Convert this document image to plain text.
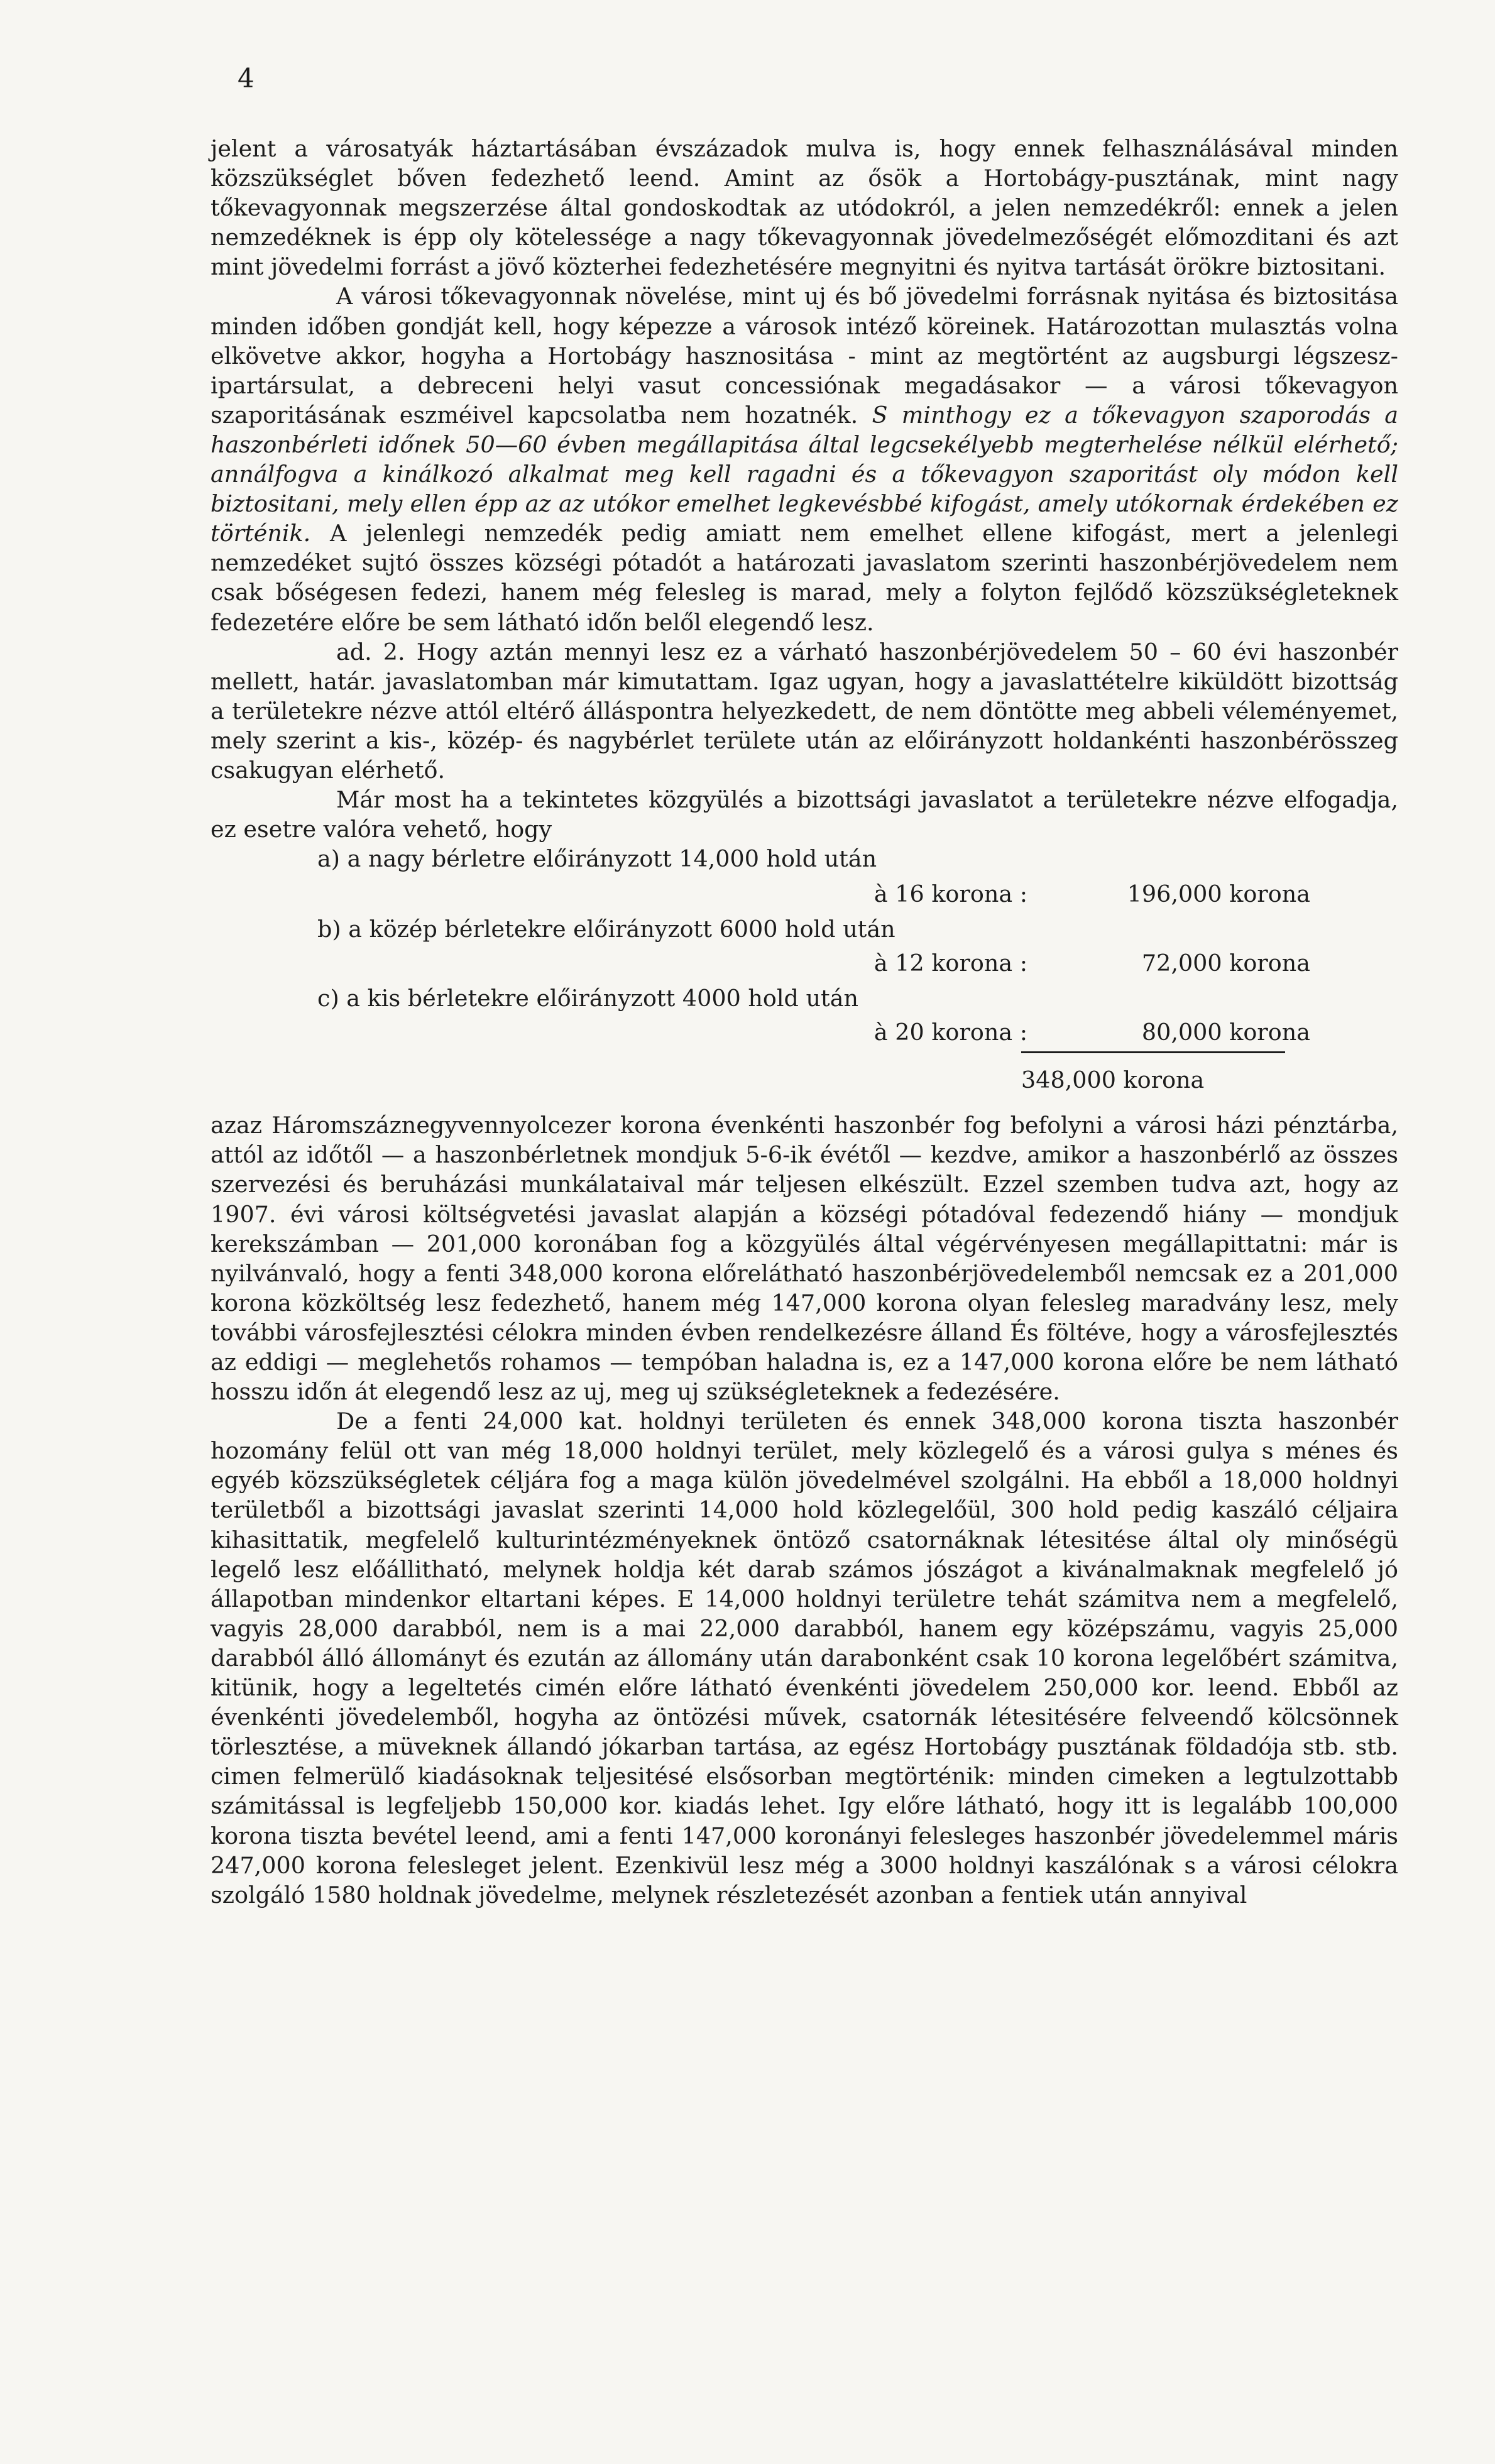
4

jelent a városatyák háztartásában évszázadok mulva is, hogy ennek felhasználásával minden közszükséglet bőven fedezhető leend. Amint az ősök a Hortobágy-pusztának, mint nagy tőkevagyonnak megszerzése által gondoskodtak az utódokról, a jelen nemzedékről: ennek a jelen nemzedéknek is épp oly kötelessége a nagy tőkevagyonnak jövedelmezőségét előmozditani és azt mint jövedelmi forrást a jövő közterhei fedezhetésére megnyitni és nyitva tartását örökre biztositani.

A városi tőkevagyonnak növelése, mint uj és bő jövedelmi forrásnak nyitása és biztositása minden időben gondját kell, hogy képezze a városok intéző köreinek. Határozottan mulasztás volna elkövetve akkor, hogyha a Hortobágy hasznositása - mint az megtörtént az augsburgi légszesz-ipartársulat, a debreceni helyi vasut concessiónak megadásakor — a városi tőkevagyon szaporitásának eszméivel kapcsolatba nem hozatnék. S minthogy ez a tőkevagyon szaporodás a haszonbérleti időnek 50—60 évben megállapitása által legcsekélyebb megterhelése nélkül elérhető; annálfogva a kinálkozó alkalmat meg kell ragadni és a tőkevagyon szaporitást oly módon kell biztositani, mely ellen épp az az utókor emelhet legkevésbbé kifogást, amely utókornak érdekében ez történik. A jelenlegi nemzedék pedig amiatt nem emelhet ellene kifogást, mert a jelenlegi nemzedéket sujtó összes községi pótadót a határozati javaslatom szerinti haszonbérjövedelem nem csak bőségesen fedezi, hanem még felesleg is marad, mely a folyton fejlődő közszükségleteknek fedezetére előre be sem látható időn belől elegendő lesz.

ad. 2. Hogy aztán mennyi lesz ez a várható haszonbérjövedelem 50 – 60 évi haszonbér mellett, határ. javaslatomban már kimutattam. Igaz ugyan, hogy a javaslattételre kiküldött bizottság a területekre nézve attól eltérő álláspontra helyezkedett, de nem döntötte meg abbeli véleményemet, mely szerint a kis-, közép- és nagybérlet területe után az előirányzott holdankénti haszonbérösszeg csakugyan elérhető.

Már most ha a tekintetes közgyülés a bizottsági javaslatot a területekre nézve elfogadja, ez esetre valóra vehető, hogy

a) a nagy bérletre előirányzott 14,000 hold után
à 16 korona :	196,000 korona
b) a közép bérletekre előirányzott 6000 hold után
à 12 korona :	72,000 korona
c) a kis bérletekre előirányzott 4000 hold után
à 20 korona :	80,000 korona
348,000 korona

azaz Háromszáznegyvennyolcezer korona évenkénti haszonbér fog befolyni a városi házi pénztárba, attól az időtől — a haszonbérletnek mondjuk 5-6-ik évétől — kezdve, amikor a haszonbérlő az összes szervezési és beruházási munkálataival már teljesen elkészült. Ezzel szemben tudva azt, hogy az 1907. évi városi költségvetési javaslat alapján a községi pótadóval fedezendő hiány — mondjuk kerekszámban — 201,000 koronában fog a közgyülés által végérvényesen megállapittatni: már is nyilvánvaló, hogy a fenti 348,000 korona előrelátható haszonbérjövedelemből nemcsak ez a 201,000 korona közköltség lesz fedezhető, hanem még 147,000 korona olyan felesleg maradvány lesz, mely további városfejlesztési célokra minden évben rendelkezésre álland És föltéve, hogy a városfejlesztés az eddigi — meglehetős rohamos — tempóban haladna is, ez a 147,000 korona előre be nem látható hosszu időn át elegendő lesz az uj, meg uj szükségleteknek a fedezésére.

De a fenti 24,000 kat. holdnyi területen és ennek 348,000 korona tiszta haszonbér hozomány felül ott van még 18,000 holdnyi terület, mely közlegelő és a városi gulya s ménes és egyéb közszükségletek céljára fog a maga külön jövedelmével szolgálni. Ha ebből a 18,000 holdnyi területből a bizottsági javaslat szerinti 14,000 hold közlegelőül, 300 hold pedig kaszáló céljaira kihasittatik, megfelelő kulturintézményeknek öntöző csatornáknak létesitése által oly minőségü legelő lesz előállitható, melynek holdja két darab számos jószágot a kivánalmaknak megfelelő jó állapotban mindenkor eltartani képes. E 14,000 holdnyi területre tehát számitva nem a megfelelő, vagyis 28,000 darabból, nem is a mai 22,000 darabból, hanem egy középszámu, vagyis 25,000 darabból álló állományt és ezután az állomány után darabonként csak 10 korona legelőbért számitva, kitünik, hogy a legeltetés cimén előre látható évenkénti jövedelem 250,000 kor. leend. Ebből az évenkénti jövedelemből, hogyha az öntözési művek, csatornák létesitésére felveendő kölcsönnek törlesztése, a müveknek állandó jókarban tartása, az egész Hortobágy pusztának földadója stb. stb. cimen felmerülő kiadásoknak teljesitésé elsősorban megtörténik: minden cimeken a legtulzottabb számitással is legfeljebb 150,000 kor. kiadás lehet. Igy előre látható, hogy itt is legalább 100,000 korona tiszta bevétel leend, ami a fenti 147,000 koronányi felesleges haszonbér jövedelemmel máris 247,000 korona felesleget jelent. Ezenkivül lesz még a 3000 holdnyi kaszálónak s a városi célokra szolgáló 1580 holdnak jövedelme, melynek részletezését azonban a fentiek után annyival
